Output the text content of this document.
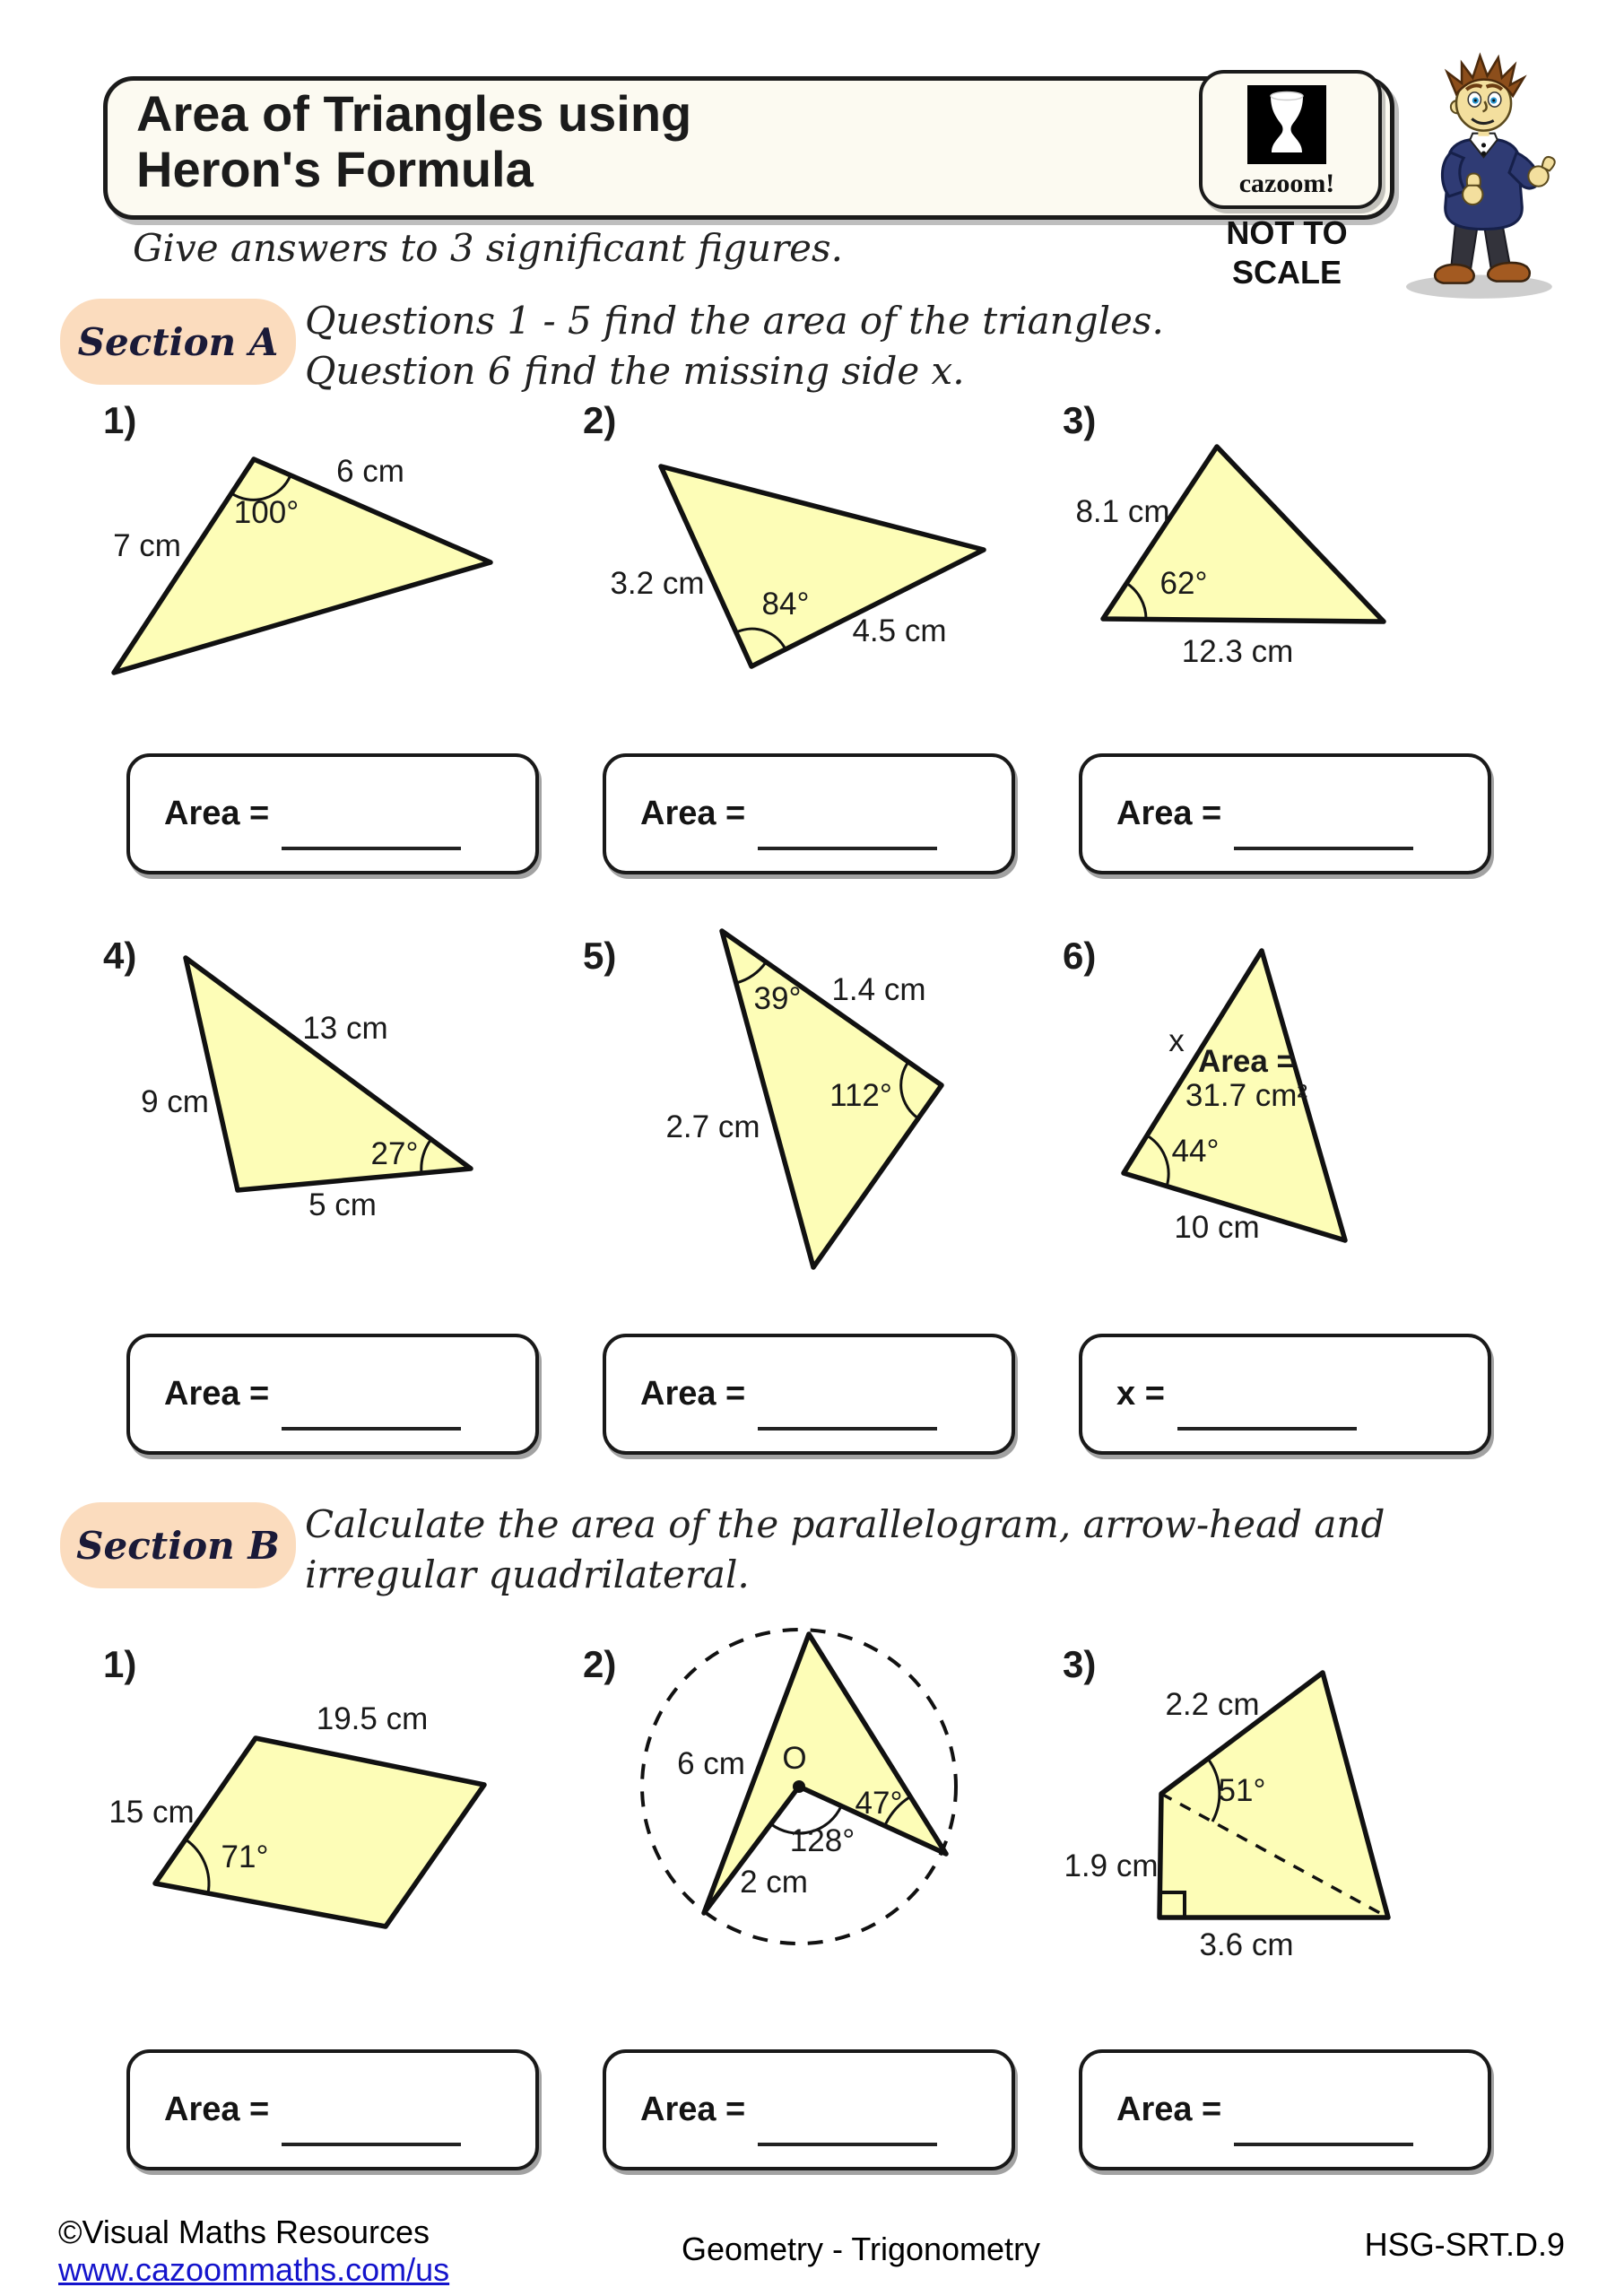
Area of Triangles using
Heron's Formula	cazoom!
NOT TO
SCALE
Give answers to 3 significant figures.
Section A Questions 1 - 5 find the area of the triangles.
Question 6 find the missing side x.
1)	2)	3)
6 cm
100°
7 cm
3.2 cm
84°
4.5 cm
8.1 cm
62°
12.3 cm
Area =	Area =	Area =
4)	5)	6)
13 cm
9 cm
27°
5 cm
39° 1.4 cm
112°
2.7 cm
x
Area =
31.7 cm²
44°
10 cm
Area =	Area =	x =
Section B Calculate the area of the parallelogram, arrow-head and
irregular quadrilateral.
1)	2)	3)
19.5 cm
15 cm
71°
6 cm O
47°
128°
2 cm
2.2 cm
51°
1.9 cm
3.6 cm
Area =	Area =	Area =
©Visual Maths Resources
www.cazoommaths.com/us
Geometry - Trigonometry	HSG-SRT.D.9
